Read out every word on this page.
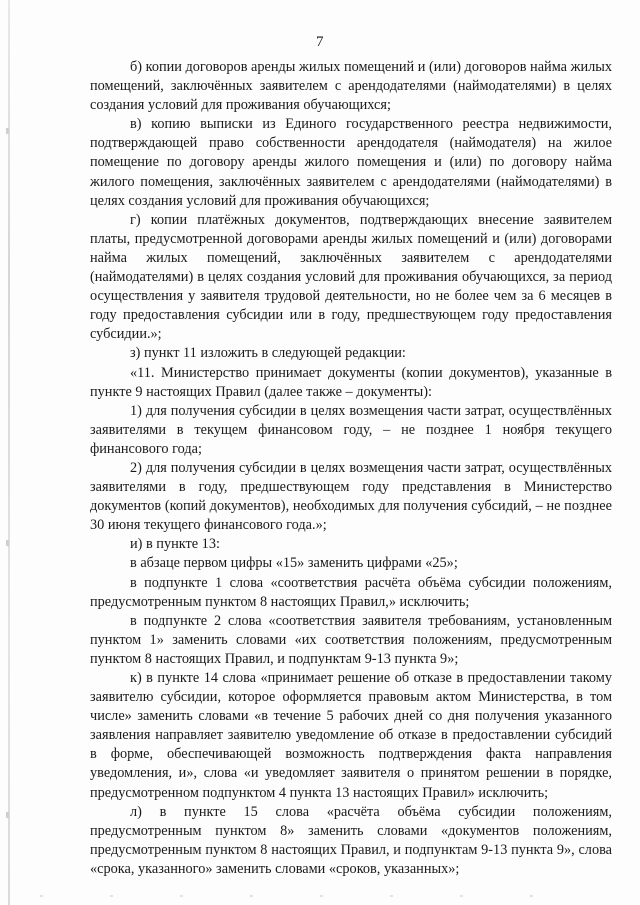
7

б) копии договоров аренды жилых помещений и (или) договоров найма жилых помещений, заключённых заявителем с арендодателями (наймодателями) в целях создания условий для проживания обучающихся;

в) копию выписки из Единого государственного реестра недвижимости, подтверждающей право собственности арендодателя (наймодателя) на жилое помещение по договору аренды жилого помещения и (или) по договору найма жилого помещения, заключённых заявителем с арендодателями (наймодателями) в целях создания условий для проживания обучающихся;

г) копии платёжных документов, подтверждающих внесение заявителем платы, предусмотренной договорами аренды жилых помещений и (или) договорами найма жилых помещений, заключённых заявителем с арендодателями (наймодателями) в целях создания условий для проживания обучающихся, за период осуществления у заявителя трудовой деятельности, но не более чем за 6 месяцев в году предоставления субсидии или в году, предшествующем году предоставления субсидии.»;

з) пункт 11 изложить в следующей редакции:

«11. Министерство принимает документы (копии документов), указанные в пункте 9 настоящих Правил (далее также – документы):

1) для получения субсидии в целях возмещения части затрат, осуществлённых заявителями в текущем финансовом году, – не позднее 1 ноября текущего финансового года;

2) для получения субсидии в целях возмещения части затрат, осуществлённых заявителями в году, предшествующем году представления в Министерство документов (копий документов), необходимых для получения субсидий, – не позднее 30 июня текущего финансового года.»;

и) в пункте 13:

в абзаце первом цифры «15» заменить цифрами «25»;

в подпункте 1 слова «соответствия расчёта объёма субсидии положениям, предусмотренным пунктом 8 настоящих Правил,» исключить;

в подпункте 2 слова «соответствия заявителя требованиям, установленным пунктом 1» заменить словами «их соответствия положениям, предусмотренным пунктом 8 настоящих Правил, и подпунктам 9-13 пункта 9»;

к) в пункте 14 слова «принимает решение об отказе в предоставлении такому заявителю субсидии, которое оформляется правовым актом Министерства, в том числе» заменить словами «в течение 5 рабочих дней со дня получения указанного заявления направляет заявителю уведомление об отказе в предоставлении субсидий в форме, обеспечивающей возможность подтверждения факта направления уведомления, и», слова «и уведомляет заявителя о принятом решении в порядке, предусмотренном подпунктом 4 пункта 13 настоящих Правил» исключить;

л) в пункте 15 слова «расчёта объёма субсидии положениям, предусмотренным пунктом 8» заменить словами «документов положениям, предусмотренным пунктом 8 настоящих Правил, и подпунктам 9-13 пункта 9», слова «срока, указанного» заменить словами «сроков, указанных»;
